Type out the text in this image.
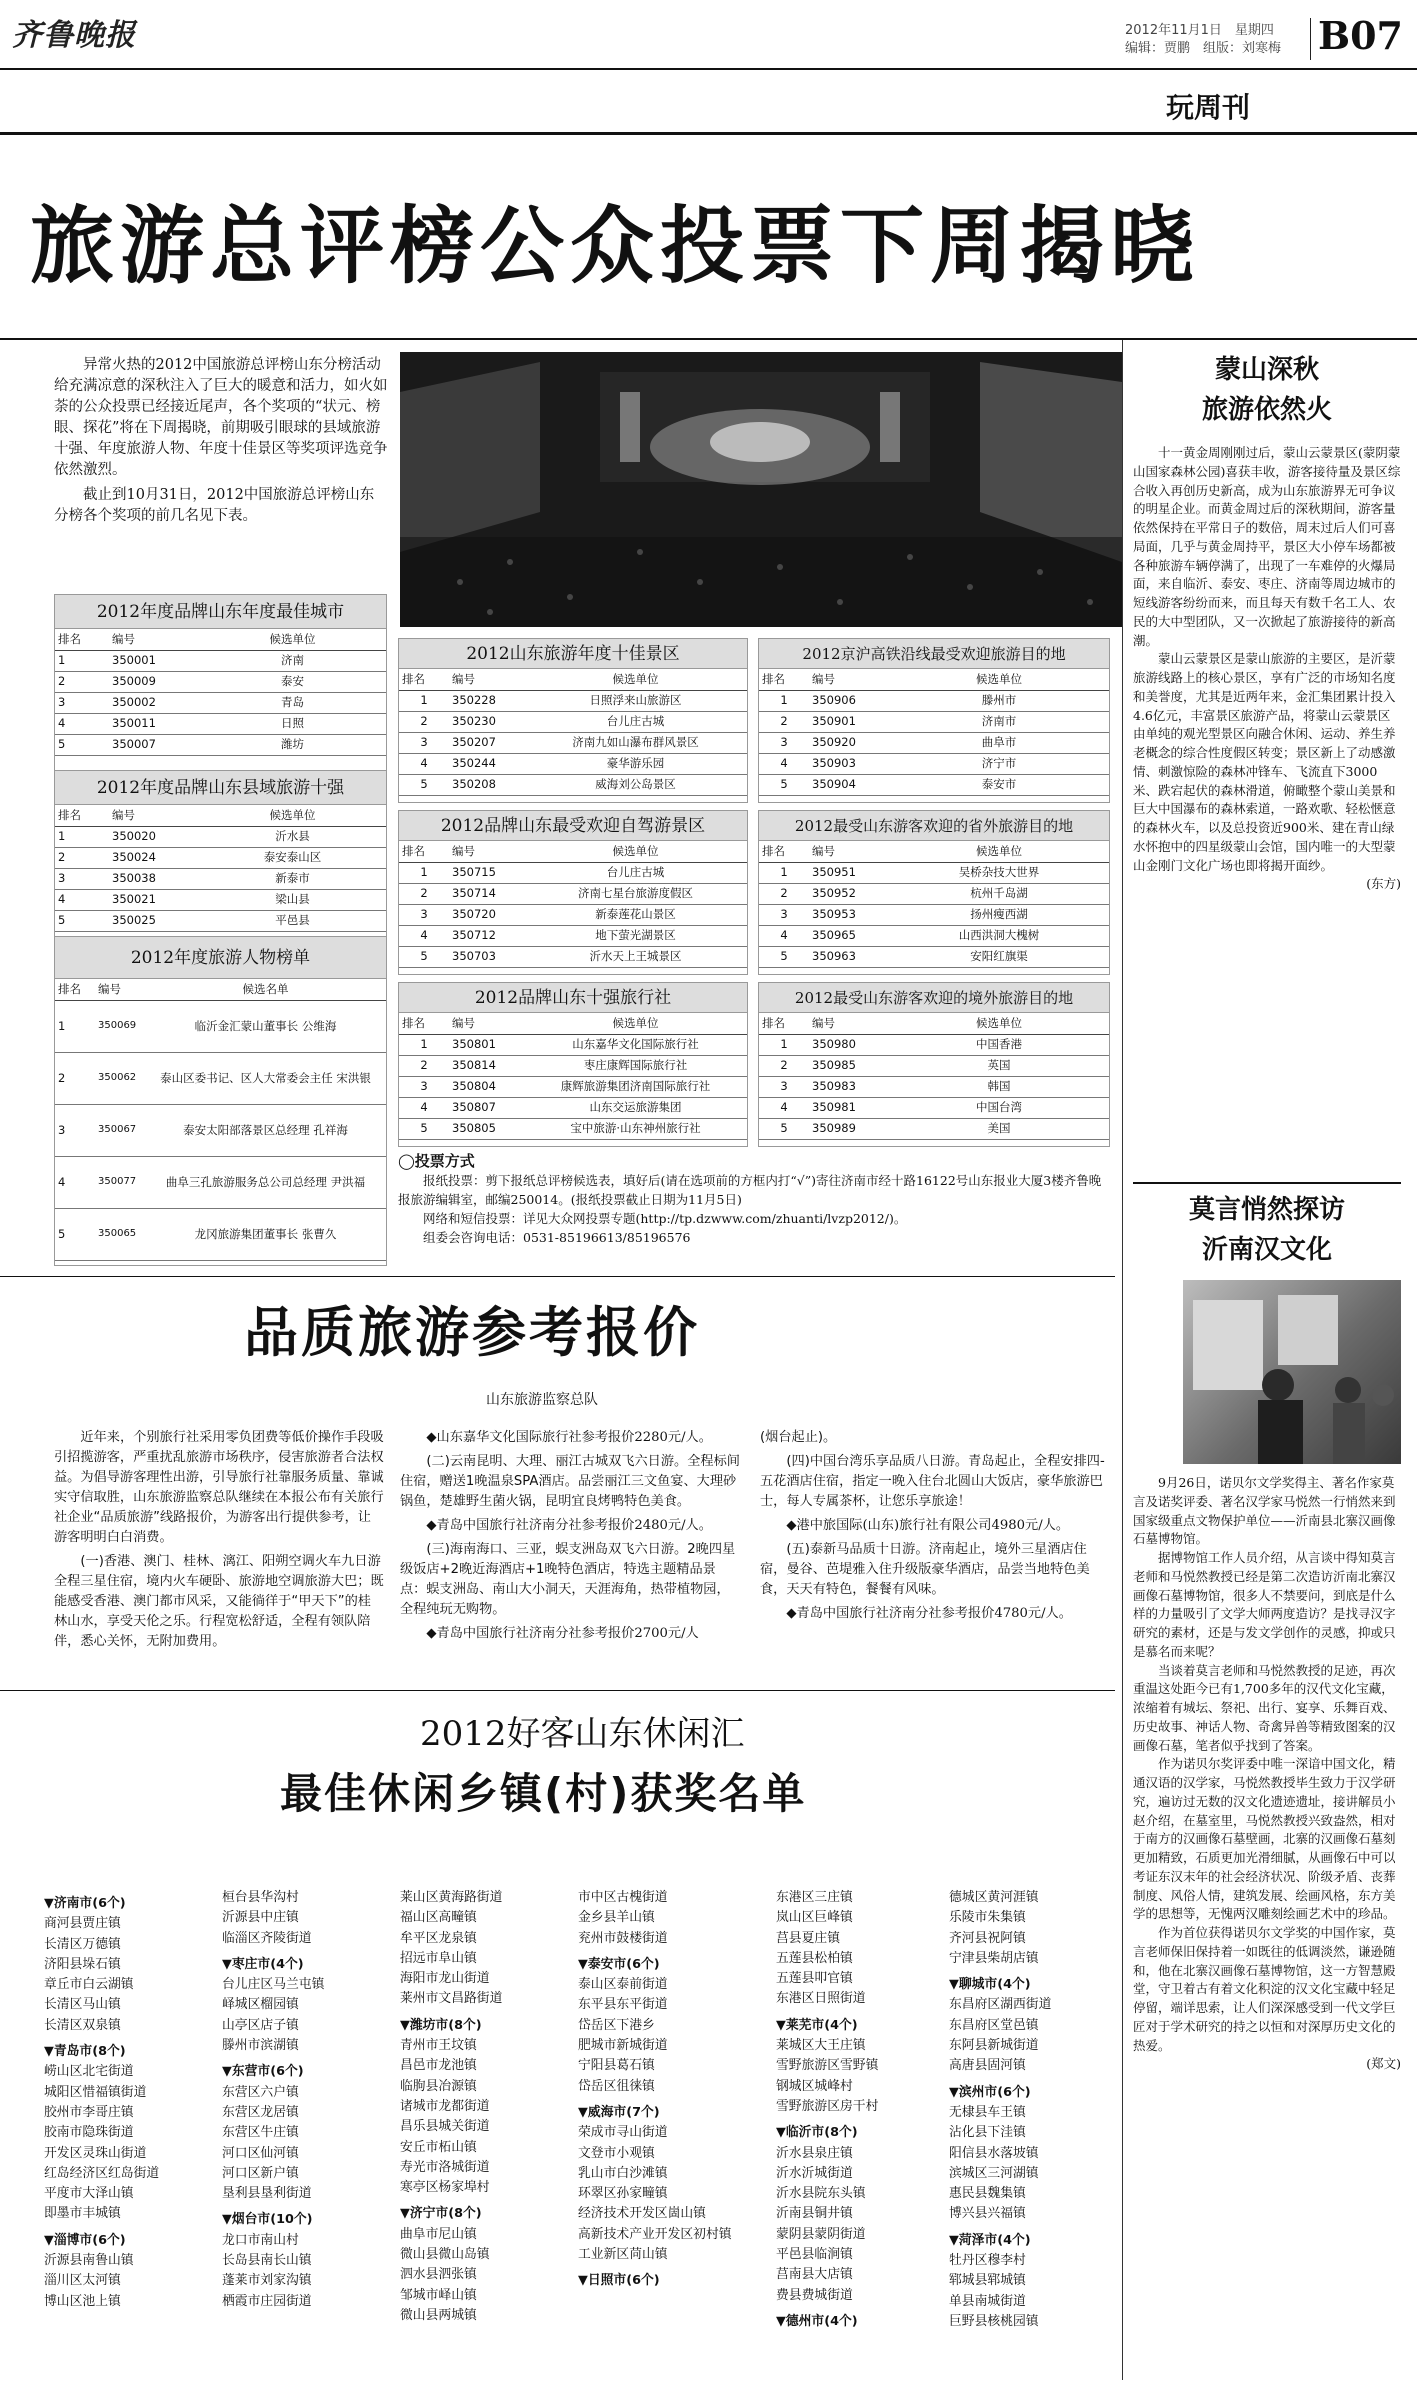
齐鲁晚报	2012年11月1日　 星期四
编辑：贾鹏　组版：刘寒梅 B07
玩周刊
旅游总评榜公众投票下周揭晓

异常火热的2012中国旅游总评榜山东分榜活动给充满凉意的深秋注入了巨大的暖意和活力，如火如荼的公众投票已经接近尾声，各个奖项的“状元、榜眼、探花”将在下周揭晓，前期吸引眼球的县域旅游十强、年度旅游人物、年度十佳景区等奖项评选竞争依然激烈。

截止到10月31日，2012中国旅游总评榜山东分榜各个奖项的前几名见下表。

2012年度品牌山东年度最佳城市
排名	编号	候选单位
1	350001	济南
2	350009	泰安
3	350002	青岛
4	350011	日照
5	350007	潍坊
2012年度品牌山东县域旅游十强
排名	编号	候选单位
1	350020	沂水县
2	350024	泰安泰山区
3	350038	新泰市
4	350021	梁山县
5	350025	平邑县
2012年度旅游人物榜单
排名	编号	候选名单
1	350069	临沂金汇蒙山董事长 公维海
2	350062	泰山区委书记、区人大常委会主任 宋洪银
3	350067	泰安太阳部落景区总经理 孔祥海
4	350077	曲阜三孔旅游服务总公司总经理 尹洪福
5	350065	龙冈旅游集团董事长 张曹久
2012山东旅游年度十佳景区
排名	编号	候选单位
1	350228	日照浮来山旅游区
2	350230	台儿庄古城
3	350207	济南九如山瀑布群风景区
4	350244	豪华游乐园
5	350208	威海刘公岛景区
2012品牌山东最受欢迎自驾游景区
排名	编号	候选单位
1	350715	台儿庄古城
2	350714	济南七星台旅游度假区
3	350720	新泰莲花山景区
4	350712	地下萤光湖景区
5	350703	沂水天上王城景区
2012品牌山东十强旅行社
排名	编号	候选单位
1	350801	山东嘉华文化国际旅行社
2	350814	枣庄康辉国际旅行社
3	350804	康辉旅游集团济南国际旅行社
4	350807	山东交运旅游集团
5	350805	宝中旅游·山东神州旅行社
2012京沪高铁沿线最受欢迎旅游目的地
排名	编号	候选单位
1	350906	滕州市
2	350901	济南市
3	350920	曲阜市
4	350903	济宁市
5	350904	泰安市
2012最受山东游客欢迎的省外旅游目的地
排名	编号	候选单位
1	350951	吴桥杂技大世界
2	350952	杭州千岛湖
3	350953	扬州瘦西湖
4	350965	山西洪洞大槐树
5	350963	安阳红旗渠
2012最受山东游客欢迎的境外旅游目的地
排名	编号	候选单位
1	350980	中国香港
2	350985	英国
3	350983	韩国
4	350981	中国台湾
5	350989	美国
◯投票方式
报纸投票：剪下报纸总评榜候选表，填好后(请在选项前的方框内打“√”)寄往济南市经十路16122号山东报业大厦3楼齐鲁晚报旅游编辑室，邮编250014。(报纸投票截止日期为11月5日)
网络和短信投票：详见大众网投票专题(http://tp.dzwww.com/zhuanti/lvzp2012/)。
组委会咨询电话：0531-85196613/85196576
蒙山深秋
旅游依然火

十一黄金周刚刚过后，蒙山云蒙景区(蒙阴蒙山国家森林公园)喜获丰收，游客接待量及景区综合收入再创历史新高，成为山东旅游界无可争议的明星企业。而黄金周过后的深秋期间，游客量依然保持在平常日子的数倍，周末过后人们可喜局面，几乎与黄金周持平，景区大小停车场都被各种旅游车辆停满了，出现了一车难停的火爆局面，来自临沂、泰安、枣庄、济南等周边城市的短线游客纷纷而来，而且每天有数千名工人、农民的大中型团队，又一次掀起了旅游接待的新高潮。

蒙山云蒙景区是蒙山旅游的主要区，是沂蒙旅游线路上的核心景区，享有广泛的市场知名度和美誉度，尤其是近两年来，金汇集团累计投入4.6亿元，丰富景区旅游产品，将蒙山云蒙景区由单纯的观光型景区向融合休闲、运动、养生养老概念的综合性度假区转变；景区新上了动感激情、刺激惊险的森林冲锋车、飞流直下3000米、跌宕起伏的森林滑道，俯瞰整个蒙山美景和巨大中国瀑布的森林索道，一路欢歌、轻松惬意的森林火车，以及总投资近900米、建在青山绿水怀抱中的四星级蒙山会馆，国内唯一的大型蒙山金刚门文化广场也即将揭开面纱。

(东方)
莫言悄然探访
沂南汉文化

9月26日，诺贝尔文学奖得主、著名作家莫言及诺奖评委、著名汉学家马悦然一行悄然来到国家级重点文物保护单位——沂南县北寨汉画像石墓博物馆。

据博物馆工作人员介绍，从言谈中得知莫言老师和马悦然教授已经是第二次造访沂南北寨汉画像石墓博物馆，很多人不禁要问，到底是什么样的力量吸引了文学大师两度造访？是找寻汉字研究的素材，还是与发文学创作的灵感，抑或只是慕名而来呢？

当谈着莫言老师和马悦然教授的足迹，再次重温这处距今已有1,700多年的汉代文化宝藏，浓缩着有城坛、祭祀、出行、宴享、乐舞百戏、历史故事、神话人物、奇禽异兽等精致图案的汉画像石墓，笔者似乎找到了答案。

作为诺贝尔奖评委中唯一深谙中国文化，精通汉语的汉学家，马悦然教授毕生致力于汉学研究，遍访过无数的汉文化遗迹遗址，接讲解员小赵介绍，在墓室里，马悦然教授兴致盎然，相对于南方的汉画像石墓壁画，北寨的汉画像石墓刻更加精致，石质更加光滑细腻，从画像石中可以考证东汉末年的社会经济状况、阶级矛盾、丧葬制度、风俗人情，建筑发展、绘画风格，东方美学的思想等，无愧两汉雕刻绘画艺术中的珍品。

作为首位获得诺贝尔文学奖的中国作家，莫言老师保旧保持着一如既往的低调淡然，谦逊随和，他在北寨汉画像石墓博物馆，这一方智慧殿堂，守卫着古有着文化积淀的汉文化宝藏中轻足停留，端详思索，让人们深深感受到一代文学巨匠对于学术研究的持之以恒和对深厚历史文化的热爱。

(郑文)
品质旅游参考报价
山东旅游监察总队

近年来，个别旅行社采用零负团费等低价操作手段吸引招揽游客，严重扰乱旅游市场秩序，侵害旅游者合法权益。为倡导游客理性出游，引导旅行社靠服务质量、靠诚实守信取胜，山东旅游监察总队继续在本报公布有关旅行社企业“品质旅游”线路报价，为游客出行提供参考，让游客明明白白消费。

(一)香港、澳门、桂林、漓江、阳朔空调火车九日游全程三星住宿，境内火车硬卧、旅游地空调旅游大巴；既能感受香港、澳门都市风采，又能徜徉于“甲天下”的桂林山水，享受天伦之乐。行程宽松舒适，全程有领队陪伴，悉心关怀，无附加费用。

◆山东嘉华文化国际旅行社参考报价2280元/人。

(二)云南昆明、大理、丽江古城双飞六日游。全程标间住宿，赠送1晚温泉SPA酒店。品尝丽江三文鱼宴、大理砂锅鱼，楚雄野生菌火锅，昆明宜良烤鸭特色美食。

◆青岛中国旅行社济南分社参考报价2480元/人。

(三)海南海口、三亚，蜈支洲岛双飞六日游。2晚四星级饭店+2晚近海酒店+1晚特色酒店，特选主题精品景点：蜈支洲岛、南山大小洞天，天涯海角，热带植物园，全程纯玩无购物。

◆青岛中国旅行社济南分社参考报价2700元/人

(烟台起止)。

(四)中国台湾乐享品质八日游。青岛起止，全程安排四-五花酒店住宿，指定一晚入住台北圆山大饭店，豪华旅游巴士，每人专属茶杯，让您乐享旅途！

◆港中旅国际(山东)旅行社有限公司4980元/人。

(五)泰新马品质十日游。济南起止，境外三星酒店住宿，曼谷、芭堤雅入住升级版豪华酒店，品尝当地特色美食，天天有特色，餐餐有风味。

◆青岛中国旅行社济南分社参考报价4780元/人。

2012好客山东休闲汇
最佳休闲乡镇(村)获奖名单
▼济南市(6个)
商河县贾庄镇
长清区万德镇
济阳县垛石镇
章丘市白云湖镇
长清区马山镇
长清区双泉镇
▼青岛市(8个)
崂山区北宅街道
城阳区惜福镇街道
胶州市李哥庄镇
胶南市隐珠街道
开发区灵珠山街道
红岛经济区红岛街道
平度市大泽山镇
即墨市丰城镇
▼淄博市(6个)
沂源县南鲁山镇
淄川区太河镇
博山区池上镇
桓台县华沟村
沂源县中庄镇
临淄区齐陵街道
▼枣庄市(4个)
台儿庄区马兰屯镇
峄城区榴园镇
山亭区店子镇
滕州市滨湖镇
▼东营市(6个)
东营区六户镇
东营区龙居镇
东营区牛庄镇
河口区仙河镇
河口区新户镇
垦利县垦利街道
▼烟台市(10个)
龙口市南山村
长岛县南长山镇
蓬莱市刘家沟镇
栖霞市庄园街道
莱山区黄海路街道
福山区高疃镇
牟平区龙泉镇
招远市阜山镇
海阳市龙山街道
莱州市文昌路街道
▼潍坊市(8个)
青州市王坟镇
昌邑市龙池镇
临朐县冶源镇
诸城市龙都街道
昌乐县城关街道
安丘市柘山镇
寿光市洛城街道
寒亭区杨家埠村
▼济宁市(8个)
曲阜市尼山镇
微山县微山岛镇
泗水县泗张镇
邹城市峄山镇
微山县两城镇
市中区古槐街道
金乡县羊山镇
兖州市鼓楼街道
▼泰安市(6个)
泰山区泰前街道
东平县东平街道
岱岳区下港乡
肥城市新城街道
宁阳县葛石镇
岱岳区徂徕镇
▼威海市(7个)
荣成市寻山街道
文登市小观镇
乳山市白沙滩镇
环翠区孙家疃镇
经济技术开发区崮山镇
高新技术产业开发区初村镇
工业新区苘山镇
▼日照市(6个)
东港区三庄镇
岚山区巨峰镇
莒县夏庄镇
五莲县松柏镇
五莲县叩官镇
东港区日照街道
▼莱芜市(4个)
莱城区大王庄镇
雪野旅游区雪野镇
钢城区城峰村
雪野旅游区房干村
▼临沂市(8个)
沂水县泉庄镇
沂水沂城街道
沂水县院东头镇
沂南县铜井镇
蒙阴县蒙阴街道
平邑县临涧镇
莒南县大店镇
费县费城街道
▼德州市(4个)
德城区黄河涯镇
乐陵市朱集镇
齐河县祝阿镇
宁津县柴胡店镇
▼聊城市(4个)
东昌府区湖西街道
东昌府区堂邑镇
东阿县新城街道
高唐县固河镇
▼滨州市(6个)
无棣县车王镇
沾化县下洼镇
阳信县水落坡镇
滨城区三河湖镇
惠民县魏集镇
博兴县兴福镇
▼菏泽市(4个)
牡丹区穆李村
郓城县郓城镇
单县南城街道
巨野县核桃园镇
